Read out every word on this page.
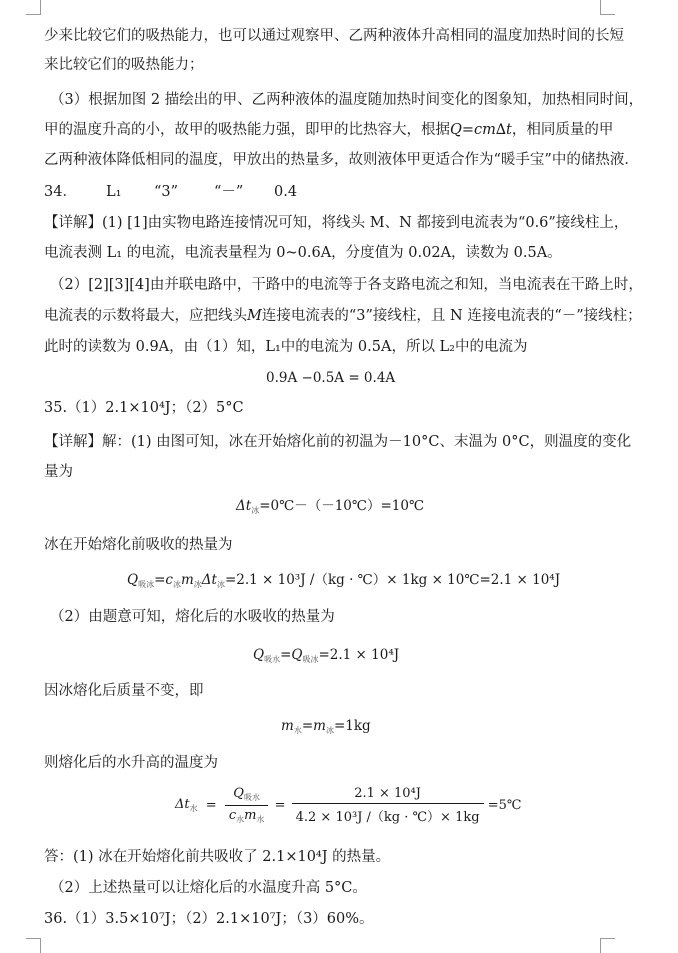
少来比较它们的吸热能力，也可以通过观察甲、乙两种液体升高相同的温度加热时间的长短
来比较它们的吸热能力；
（3）根据加图 2 描绘出的甲、乙两种液体的温度随加热时间变化的图象知，加热相同时间，
甲的温度升高的小，故甲的吸热能力强，即甲的比热容大，根据Q=cm∆t，相同质量的甲
乙两种液体降低相同的温度，甲放出的热量多，故则液体甲更适合作为“暖手宝”中的储热液．
34． L₁ “3” “－” 0.4
【详解】(1) [1]由实物电路连接情况可知，将线头 M、N 都接到电流表为“0.6”接线柱上，
电流表测 L₁ 的电流，电流表量程为 0~0.6A，分度值为 0.02A，读数为 0.5A。
（2）[2][3][4]由并联电路中，干路中的电流等于各支路电流之和知，当电流表在干路上时，
电流表的示数将最大，应把线头M连接电流表的“3”接线柱，且 N 连接电流表的“－”接线柱；
此时的读数为 0.9A，由（1）知，L₁中的电流为 0.5A，所以 L₂中的电流为
0.9A −0.5A = 0.4A
35.（1）2.1×10⁴J；（2）5°C
【详解】解：(1) 由图可知，冰在开始熔化前的初温为－10°C、末温为 0°C，则温度的变化
量为
$\Delta t_冰=0℃-(-10℃)=10℃$
冰在开始熔化前吸收的热量为
$Q_{吸冰}=c_冰m_冰\Delta t_冰=2.1 \times 10^3J$ /（kg · ℃）× 1kg × 10℃=2.1 × 10⁴J
（2）由题意可知，熔化后的水吸收的热量为
$Q_{吸水}=Q_{吸冰}=2.1 \times 10^4J$
因冰熔化后质量不变，即
$m_水=m_冰=1kg$
则熔化后的水升高的温度为
$\Delta t_水 = \frac{Q_{吸水}}{c_水m_水} = \frac{\text{2.1 × 10⁴J}}{\text{4.2 × 10³J /（kg · ℃）× 1kg}}$ =5℃
答：(1) 冰在开始熔化前共吸收了 2.1×10⁴J 的热量。
（2）上述热量可以让熔化后的水温度升高 5°C。
36.（1）3.5×10⁷J；（2）2.1×10⁷J；（3）60%。
